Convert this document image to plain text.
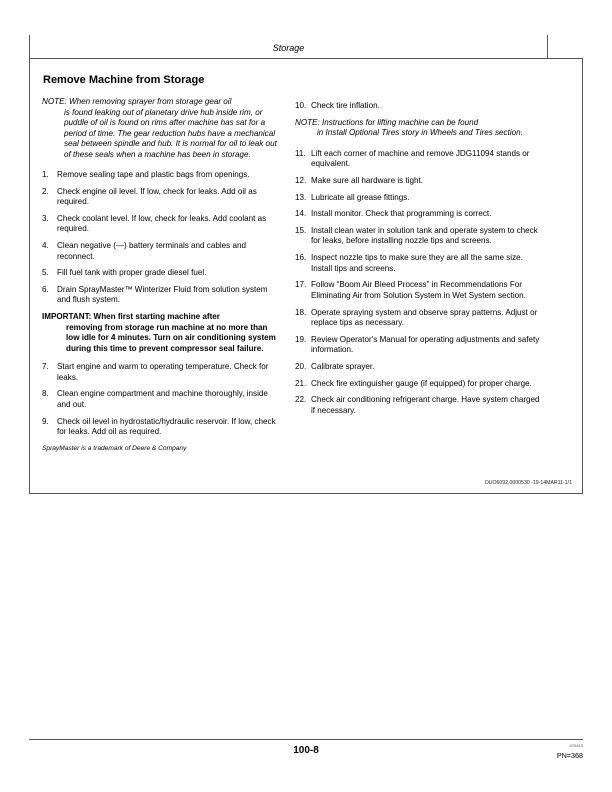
Storage
Remove Machine from Storage
NOTE: When removing sprayer from storage gear oil
is found leaking out of planetary drive hub inside rim, or puddle of oil is found on rims after machine has sat for a period of time. The gear reduction hubs have a mechanical seal between spindle and hub. It is normal for oil to leak out of these seals when a machine has been in storage.
1.	Remove sealing tape and plastic bags from openings.
2.	Check engine oil level. If low, check for leaks. Add oil as required.
3.	Check coolant level. If low, check for leaks. Add coolant as required.
4.	Clean negative (—) battery terminals and cables and reconnect.
5.	Fill fuel tank with proper grade diesel fuel.
6.	Drain SprayMaster™ Winterizer Fluid from solution system and flush system.
IMPORTANT: When first starting machine after
removing from storage run machine at no more than low idle for 4 minutes. Turn on air conditioning system during this time to prevent compressor seal failure.
7.	Start engine and warm to operating temperature. Check for leaks.
8.	Clean engine compartment and machine thoroughly, inside and out.
9.	Check oil level in hydrostatic/hydraulic reservoir. If low, check for leaks. Add oil as required.
SprayMaster is a trademark of Deere & Company
10. Check tire inflation.
NOTE: Instructions for lifting machine can be found
in Install Optional Tires story in Wheels and Tires section.
11. Lift each corner of machine and remove JDG11094 stands or equivalent.
12. Make sure all hardware is tight.
13. Lubricate all grease fittings.
14. Install monitor. Check that programming is correct.
15. Install clean water in solution tank and operate system to check for leaks, before installing nozzle tips and screens.
16. Inspect nozzle tips to make sure they are all the same size. Install tips and screens.
17. Follow “Boom Air Bleed Process” in Recommendations For Eliminating Air from Solution System in Wet System section.
18. Operate spraying system and observe spray patterns. Adjust or replace tips as necessary.
19. Review Operator's Manual for operating adjustments and safety information.
20. Calibrate sprayer.
21. Check fire extinguisher gauge (if equipped) for proper charge.
22. Check air conditioning refrigerant charge. Have system charged if necessary.
OUO6092,0000530 -19-14MAR11-1/1
100-8	070413
PN=368
